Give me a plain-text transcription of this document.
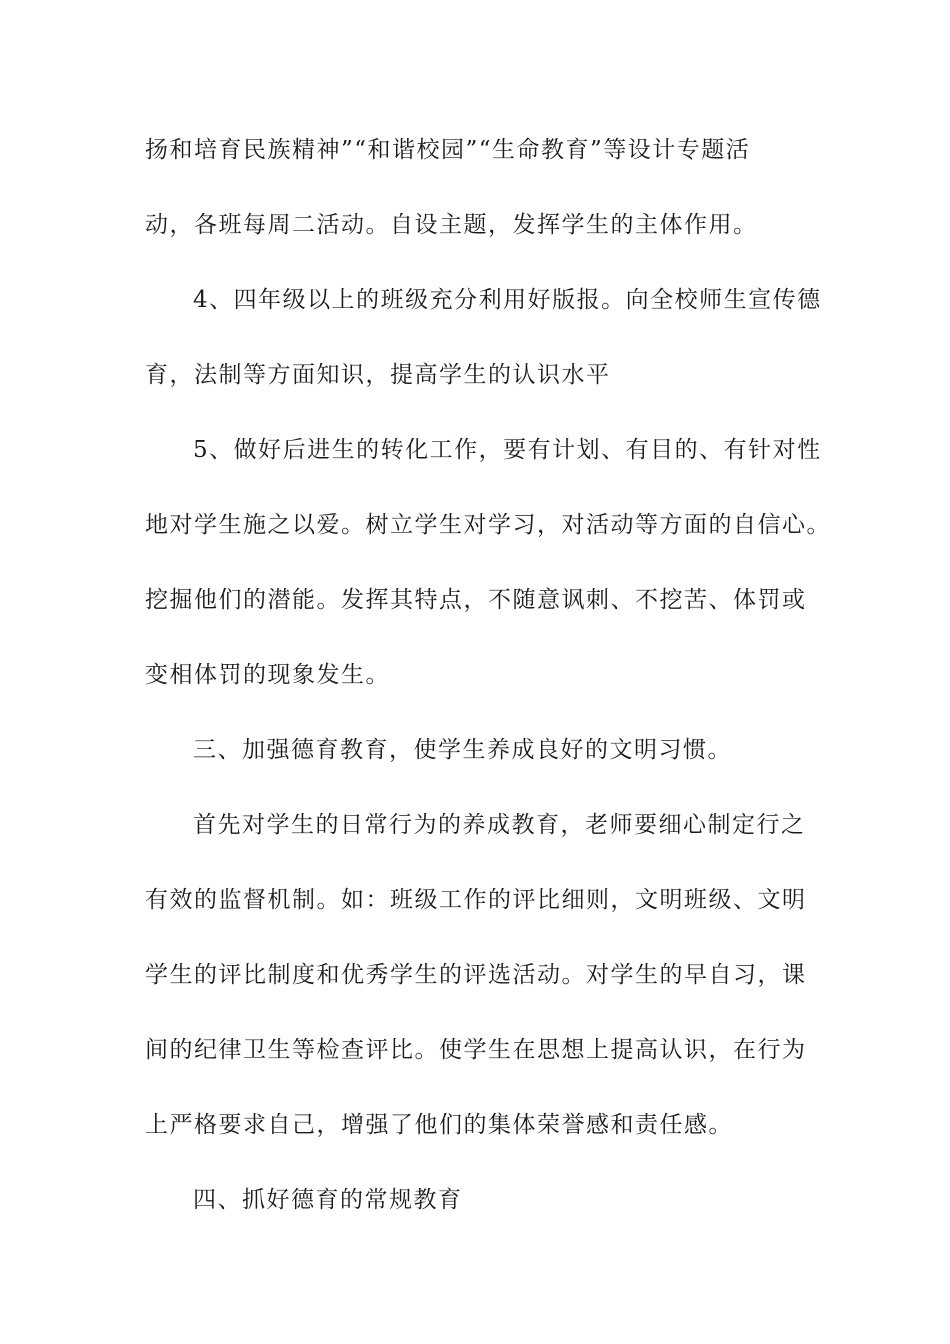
扬和培育民族精神”“和谐校园”“生命教育”等设计专题活

动，各班每周二活动。自设主题，发挥学生的主体作用。

4、四年级以上的班级充分利用好版报。向全校师生宣传德

育，法制等方面知识，提高学生的认识水平

5、做好后进生的转化工作，要有计划、有目的、有针对性

地对学生施之以爱。树立学生对学习，对活动等方面的自信心。

挖掘他们的潜能。发挥其特点，不随意讽刺、不挖苦、体罚或

变相体罚的现象发生。

三、加强德育教育，使学生养成良好的文明习惯。

首先对学生的日常行为的养成教育，老师要细心制定行之

有效的监督机制。如：班级工作的评比细则，文明班级、文明

学生的评比制度和优秀学生的评选活动。对学生的早自习，课

间的纪律卫生等检查评比。使学生在思想上提高认识，在行为

上严格要求自己，增强了他们的集体荣誉感和责任感。

四、抓好德育的常规教育
